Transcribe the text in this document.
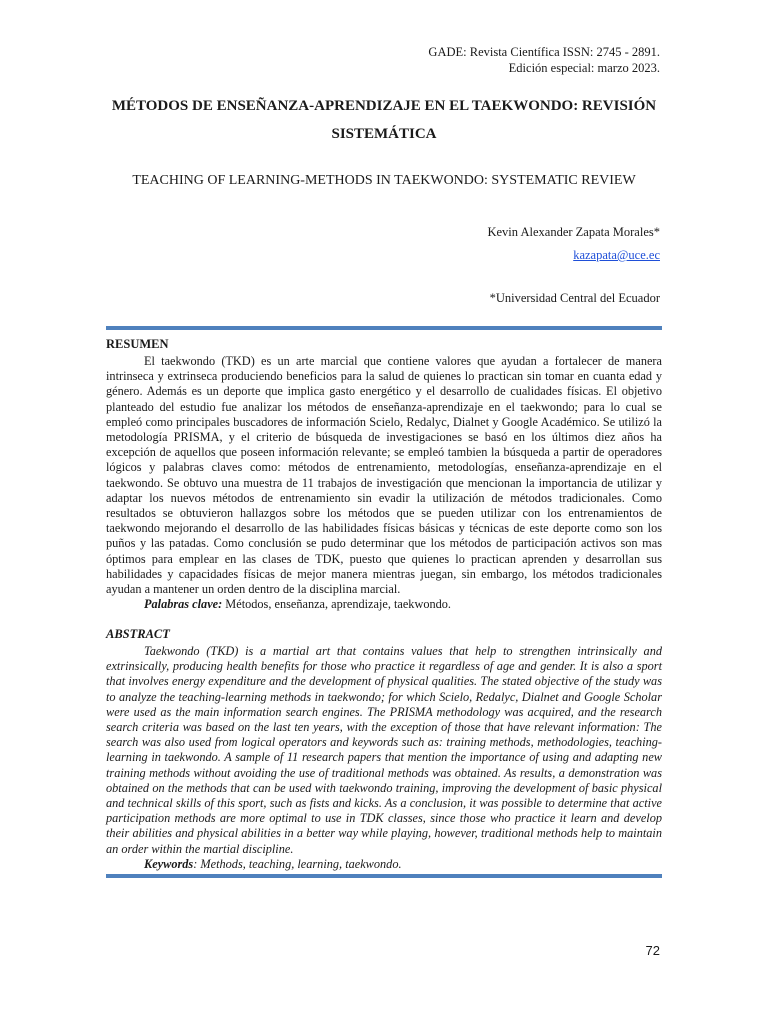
GADE: Revista Científica ISSN: 2745 - 2891.
Edición especial: marzo 2023.
MÉTODOS DE ENSEÑANZA-APRENDIZAJE EN EL TAEKWONDO: REVISIÓN SISTEMÁTICA
TEACHING OF LEARNING-METHODS IN TAEKWONDO: SYSTEMATIC REVIEW
Kevin Alexander Zapata Morales*
kazapata@uce.ec
*Universidad Central del Ecuador
RESUMEN

El taekwondo (TKD) es un arte marcial que contiene valores que ayudan a fortalecer de manera intrinseca y extrinseca produciendo beneficios para la salud de quienes lo practican sin tomar en cuanta edad y género. Además es un deporte que implica gasto energético y el desarrollo de cualidades físicas. El objetivo planteado del estudio fue analizar los métodos de enseñanza-aprendizaje en el taekwondo; para lo cual se empleó como principales buscadores de información Scielo, Redalyc, Dialnet y Google Académico. Se utilizó la metodología PRISMA, y el criterio de búsqueda de investigaciones se basó en los últimos diez años ha excepción de aquellos que poseen información relevante; se empleó tambien la búsqueda a partir de operadores lógicos y palabras claves como: métodos de entrenamiento, metodologías, enseñanza-aprendizaje en el taekwondo. Se obtuvo una muestra de 11 trabajos de investigación que mencionan la importancia de utilizar y adaptar los nuevos métodos de entrenamiento sin evadir la utilización de métodos tradicionales. Como resultados se obtuvieron hallazgos sobre los métodos que se pueden utilizar con los entrenamientos de taekwondo mejorando el desarrollo de las habilidades físicas básicas y técnicas de este deporte como son los puños y las patadas. Como conclusión se pudo determinar que los métodos de participación activos son mas óptimos para emplear en las clases de TDK, puesto que quienes lo practican aprenden y desarrollan sus habilidades y capacidades físicas de mejor manera mientras juegan, sin embargo, los métodos tradicionales ayudan a mantener un orden dentro de la disciplina marcial.

Palabras clave: Métodos, enseñanza, aprendizaje, taekwondo.

ABSTRACT

Taekwondo (TKD) is a martial art that contains values that help to strengthen intrinsically and extrinsically, producing health benefits for those who practice it regardless of age and gender. It is also a sport that involves energy expenditure and the development of physical qualities. The stated objective of the study was to analyze the teaching-learning methods in taekwondo; for which Scielo, Redalyc, Dialnet and Google Scholar were used as the main information search engines. The PRISMA methodology was acquired, and the research search criteria was based on the last ten years, with the exception of those that have relevant information: The search was also used from logical operators and keywords such as: training methods, methodologies, teaching-learning in taekwondo. A sample of 11 research papers that mention the importance of using and adapting new training methods without avoiding the use of traditional methods was obtained. As results, a demonstration was obtained on the methods that can be used with taekwondo training, improving the development of basic physical and technical skills of this sport, such as fists and kicks. As a conclusion, it was possible to determine that active participation methods are more optimal to use in TDK classes, since those who practice it learn and develop their abilities and physical abilities in a better way while playing, however, traditional methods help to maintain an order within the martial discipline.

Keywords: Methods, teaching, learning, taekwondo.

72
